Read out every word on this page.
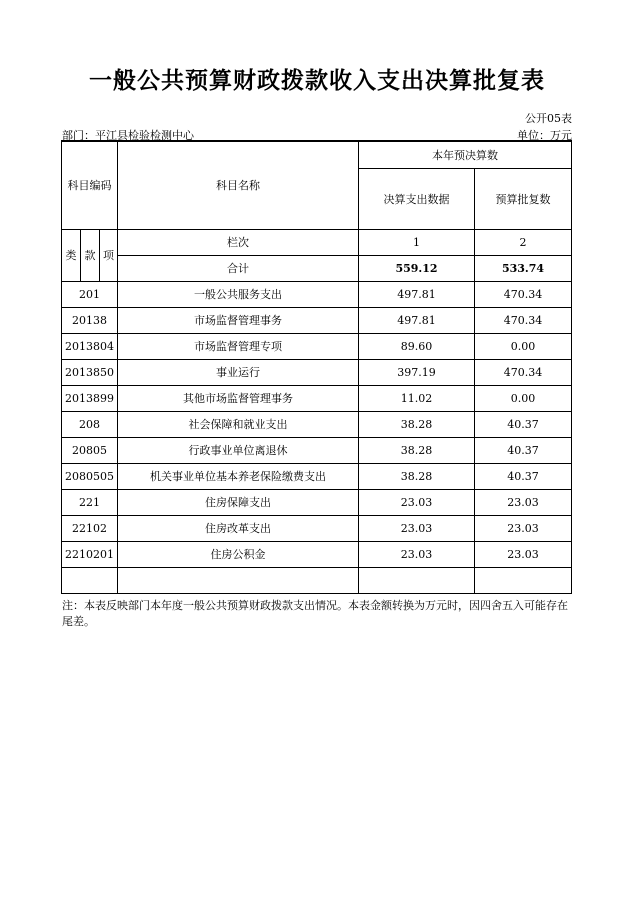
一般公共预算财政拨款收入支出决算批复表
公开05表
部门：平江县检验检测中心	单位：万元
科目编码			科目名称	本年预决算数	
				决算支出数据	预算批复数

类	款	项	栏次	1	2
			合计	559.12	533.74
201			一般公共服务支出	497.81	470.34
20138			市场监督管理事务	497.81	470.34
2013804			市场监督管理专项	89.60	0.00
2013850			事业运行	397.19	470.34
2013899			其他市场监督管理事务	11.02	0.00
208			社会保障和就业支出	38.28	40.37
20805			行政事业单位离退休	38.28	40.37
2080505			机关事业单位基本养老保险缴费支出	38.28	40.37
221			住房保障支出	23.03	23.03
22102			住房改革支出	23.03	23.03
2210201			住房公积金	23.03	23.03

注：本表反映部门本年度一般公共预算财政拨款支出情况。本表金额转换为万元时，因四舍五入可能存在尾差。
